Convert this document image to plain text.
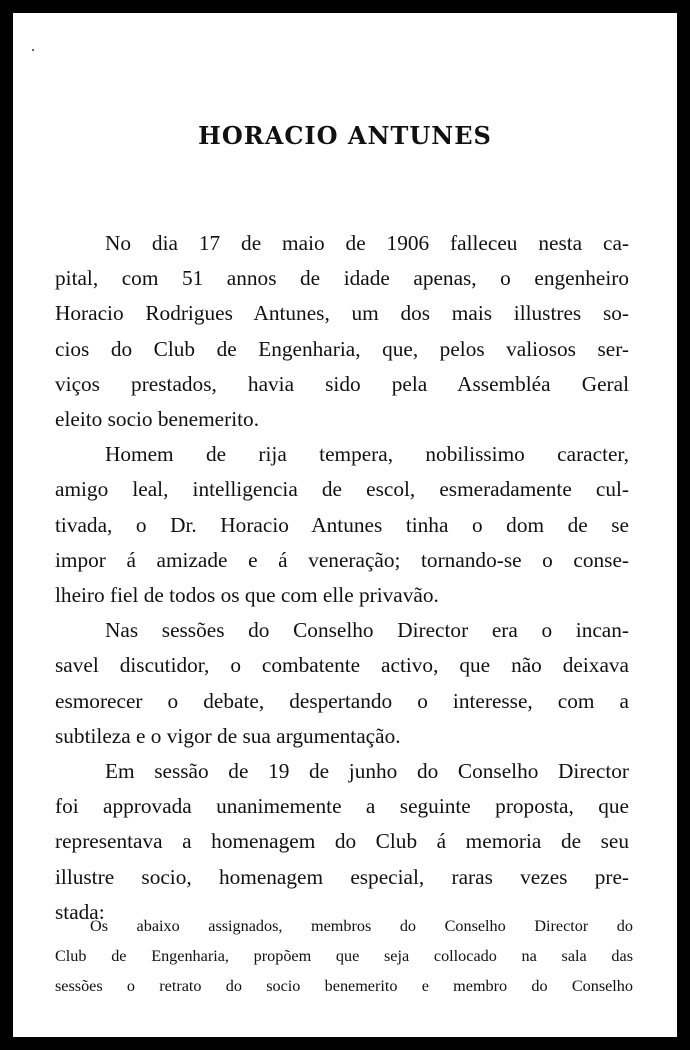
HORACIO ANTUNES

No dia 17 de maio de 1906 falleceu nesta ca-
pital, com 51 annos de idade apenas, o engenheiro
Horacio Rodrigues Antunes, um dos mais illustres so-
cios do Club de Engenharia, que, pelos valiosos ser-
viços prestados, havia sido pela Assembléa Geral
eleito socio benemerito.

Homem de rija tempera, nobilissimo caracter,
amigo leal, intelligencia de escol, esmeradamente cul-
tivada, o Dr. Horacio Antunes tinha o dom de se
impor á amizade e á veneração; tornando-se o conse-
lheiro fiel de todos os que com elle privavão.

Nas sessões do Conselho Director era o incan-
savel discutidor, o combatente activo, que não deixava
esmorecer o debate, despertando o interesse, com a
subtileza e o vigor de sua argumentação.

Em sessão de 19 de junho do Conselho Director
foi approvada unanimemente a seguinte proposta, que
representava a homenagem do Club á memoria de seu
illustre socio, homenagem especial, raras vezes pre-
stada:

Os abaixo assignados, membros do Conselho Director do
Club de Engenharia, propõem que seja collocado na sala das
sessões o retrato do socio benemerito e membro do Conselho
